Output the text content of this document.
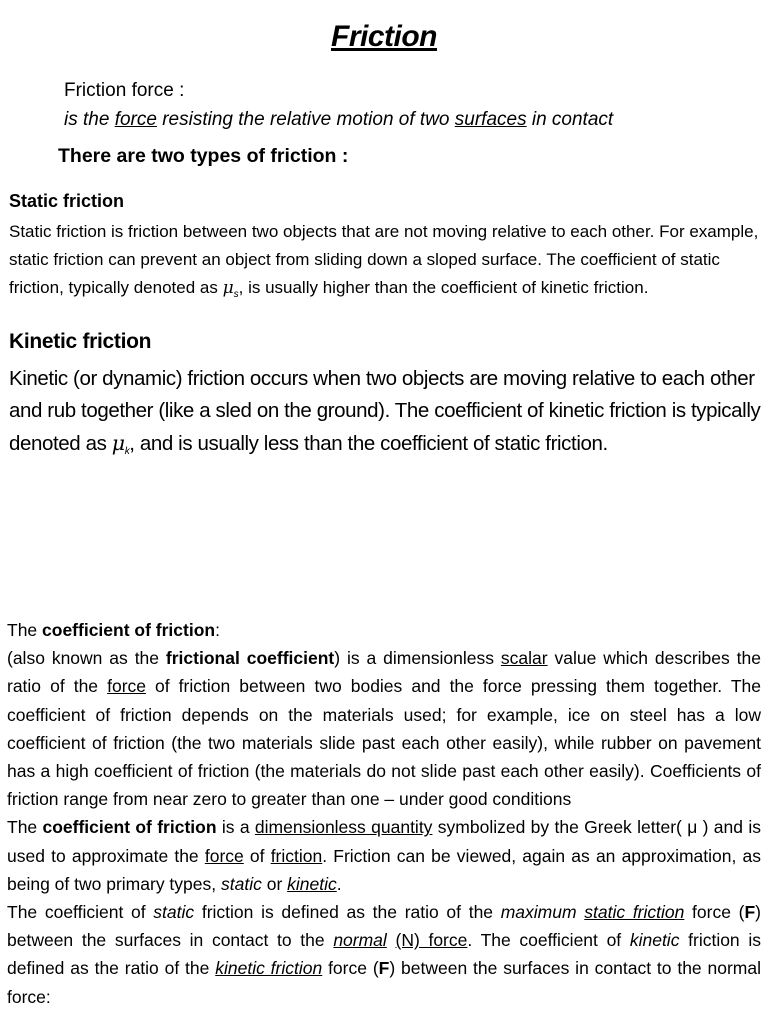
Friction
Friction force :
is the force resisting the relative motion of two surfaces in contact
There are two types of friction :
Static friction
Static friction is friction between two objects that are not moving relative to each other. For example, static friction can prevent an object from sliding down a sloped surface. The coefficient of static friction, typically denoted as $\mu_s$, is usually higher than the coefficient of kinetic friction.
Kinetic friction
Kinetic (or dynamic) friction occurs when two objects are moving relative to each other and rub together (like a sled on the ground). The coefficient of kinetic friction is typically denoted as $\mu_k$, and is usually less than the coefficient of static friction.

The coefficient of friction:

(also known as the frictional coefficient) is a dimensionless scalar value which describes the ratio of the force of friction between two bodies and the force pressing them together. The coefficient of friction depends on the materials used; for example, ice on steel has a low coefficient of friction (the two materials slide past each other easily), while rubber on pavement has a high coefficient of friction (the materials do not slide past each other easily). Coefficients of friction range from near zero to greater than one – under good conditions

The coefficient of friction is a dimensionless quantity symbolized by the Greek letter( μ ) and is used to approximate the force of friction. Friction can be viewed, again as an approximation, as being of two primary types, static or kinetic.

The coefficient of static friction is defined as the ratio of the maximum static friction force (F) between the surfaces in contact to the normal (N) force. The coefficient of kinetic friction is defined as the ratio of the kinetic friction force (F) between the surfaces in contact to the normal force:
